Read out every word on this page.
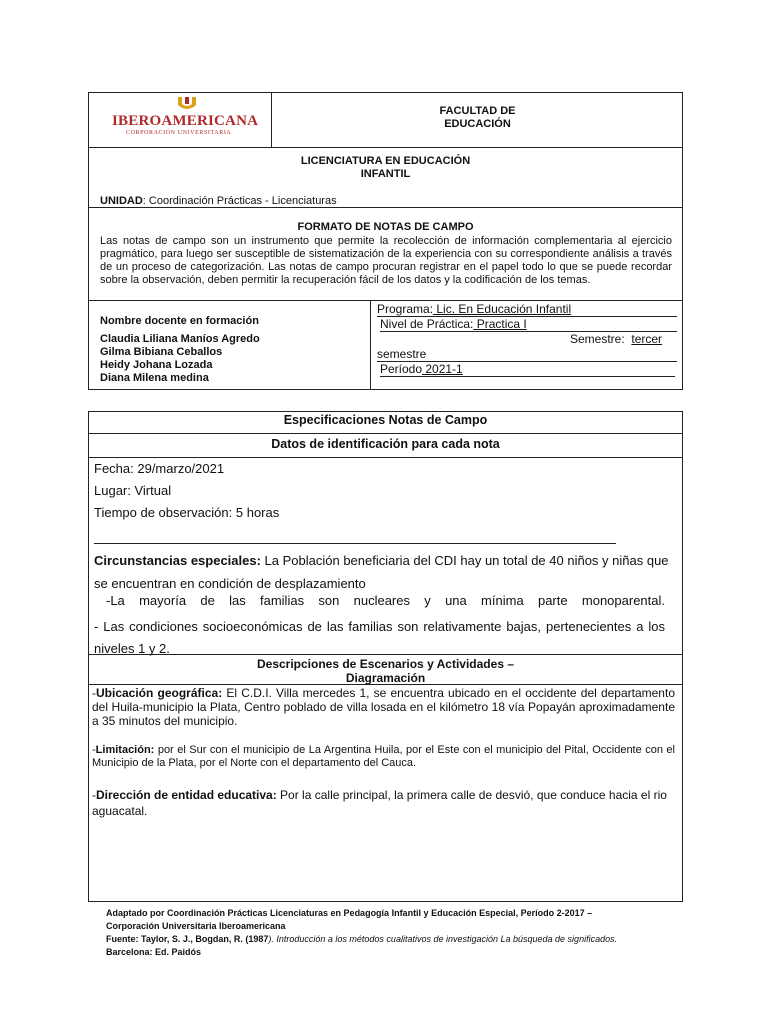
IBEROAMERICANA
CORPORACIÓN UNIVERSITARIA
FACULTAD DE
EDUCACIÓN
LICENCIATURA EN EDUCACIÓN
INFANTIL
UNIDAD: Coordinación Prácticas - Licenciaturas
FORMATO DE NOTAS DE CAMPO
Las notas de campo son un instrumento que permite la recolección de información complementaria al ejercicio pragmático, para luego ser susceptible de sistematización de la experiencia con su correspondiente análisis a través de un proceso de categorización. Las notas de campo procuran registrar en el papel todo lo que se puede recordar sobre la observación, deben permitir la recuperación fácil de los datos y la codificación de los temas.
Nombre docente en formación
Claudia Liliana Maníos Agredo
Gilma Bibiana Ceballos
Heidy Johana Lozada
Diana Milena medina
Programa: Lic. En Educación Infantil
Nivel de Práctica: Practica I
Semestre: tercer
semestre
Período 2021-1
Especificaciones Notas de Campo
Datos de identificación para cada nota
Fecha: 29/marzo/2021
Lugar: Virtual
Tiempo de observación: 5 horas
Circunstancias especiales: La Población beneficiaria del CDI hay un total de 40 niños y niñas que se encuentran en condición de desplazamiento
-La mayoría de las familias son nucleares y una mínima parte monoparental.
- Las condiciones socioeconómicas de las familias son relativamente bajas, pertenecientes a los niveles 1 y 2.
Descripciones de Escenarios y Actividades –
Diagramación
-Ubicación geográfica: El C.D.I. Villa mercedes 1, se encuentra ubicado en el occidente del departamento del Huila-municipio la Plata, Centro poblado de villa losada en el kilómetro 18 vía Popayán aproximadamente a 35 minutos del municipio.
-Limitación: por el Sur con el municipio de La Argentina Huila, por el Este con el municipio del Pital, Occidente con el Municipio de la Plata, por el Norte con el departamento del Cauca.
-Dirección de entidad educativa: Por la calle principal, la primera calle de desvió, que conduce hacia el rio aguacatal.
Adaptado por Coordinación Prácticas Licenciaturas en Pedagogía Infantil y Educación Especial, Período 2-2017 –
Corporación Universitaria Iberoamericana
Fuente: Taylor, S. J., Bogdan, R. (1987). Introducción a los métodos cualitativos de investigación La búsqueda de significados. Barcelona: Ed. Paidós
